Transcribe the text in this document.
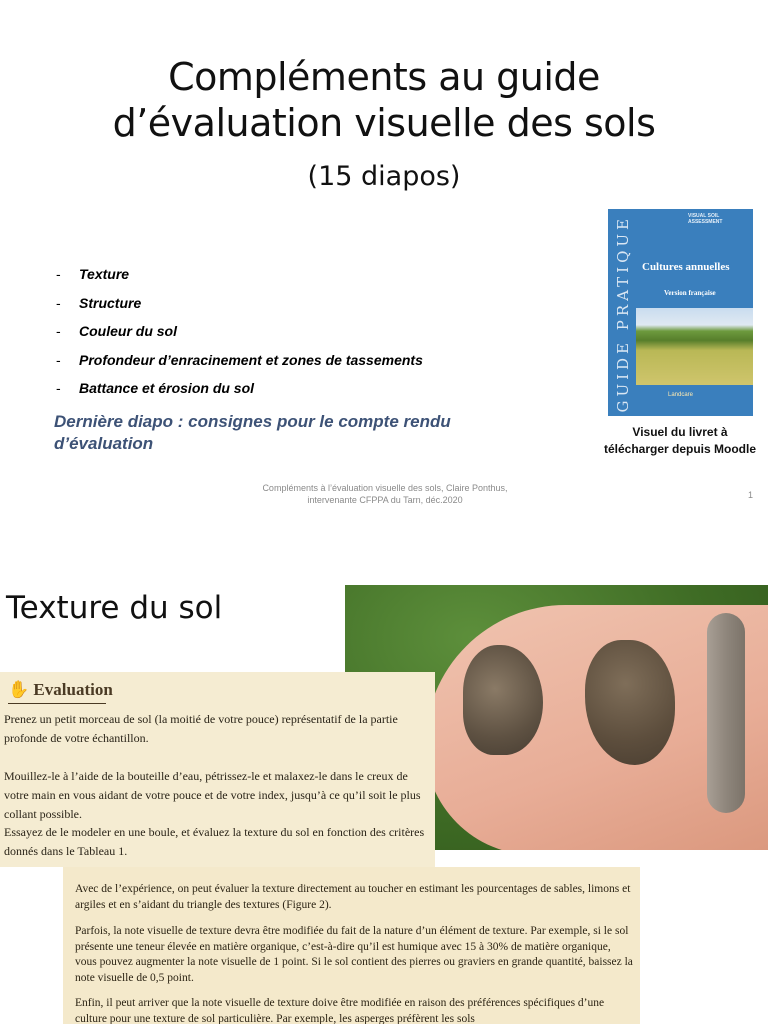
Compléments au guide
d’évaluation visuelle des sols
(15 diapos)
-	Texture
-	Structure
-	Couleur du sol
-	Profondeur d’enracinement et zones de tassements
-	Battance et érosion du sol
Dernière diapo : consignes pour le compte rendu d’évaluation
GUIDE PRATIQUE	VISUAL SOIL ASSESSMENT
Cultures annuelles
Version française
Landcare
Visuel du livret à télécharger depuis Moodle
Compléments à l’évaluation visuelle des sols, Claire Ponthus,
intervenante CFPPA du Tarn, déc.2020	1
Texture du sol
✋ Evaluation
Prenez un petit morceau de sol (la moitié de votre pouce) représentatif de la partie profonde de votre échantillon.
Mouillez-le à l’aide de la bouteille d’eau, pétrissez-le et malaxez-le dans le creux de votre main en vous aidant de votre pouce et de votre index, jusqu’à ce qu’il soit le plus collant possible.
Essayez de le modeler en une boule, et évaluez la texture du sol en fonction des critères donnés dans le Tableau 1.
Avec de l’expérience, on peut évaluer la texture directement au toucher en estimant les pourcentages de sables, limons et argiles et en s’aidant du triangle des textures (Figure 2).
Parfois, la note visuelle de texture devra être modifiée du fait de la nature d’un élément de texture. Par exemple, si le sol présente une teneur élevée en matière organique, c’est-à-dire qu’il est humique avec 15 à 30% de matière organique, vous pouvez augmenter la note visuelle de 1 point. Si le sol contient des pierres ou graviers en grande quantité, baissez la note visuelle de 0,5 point.
Enfin, il peut arriver que la note visuelle de texture doive être modifiée en raison des préférences spécifiques d’une culture pour une texture de sol particulière. Par exemple, les asperges préfèrent les sols
